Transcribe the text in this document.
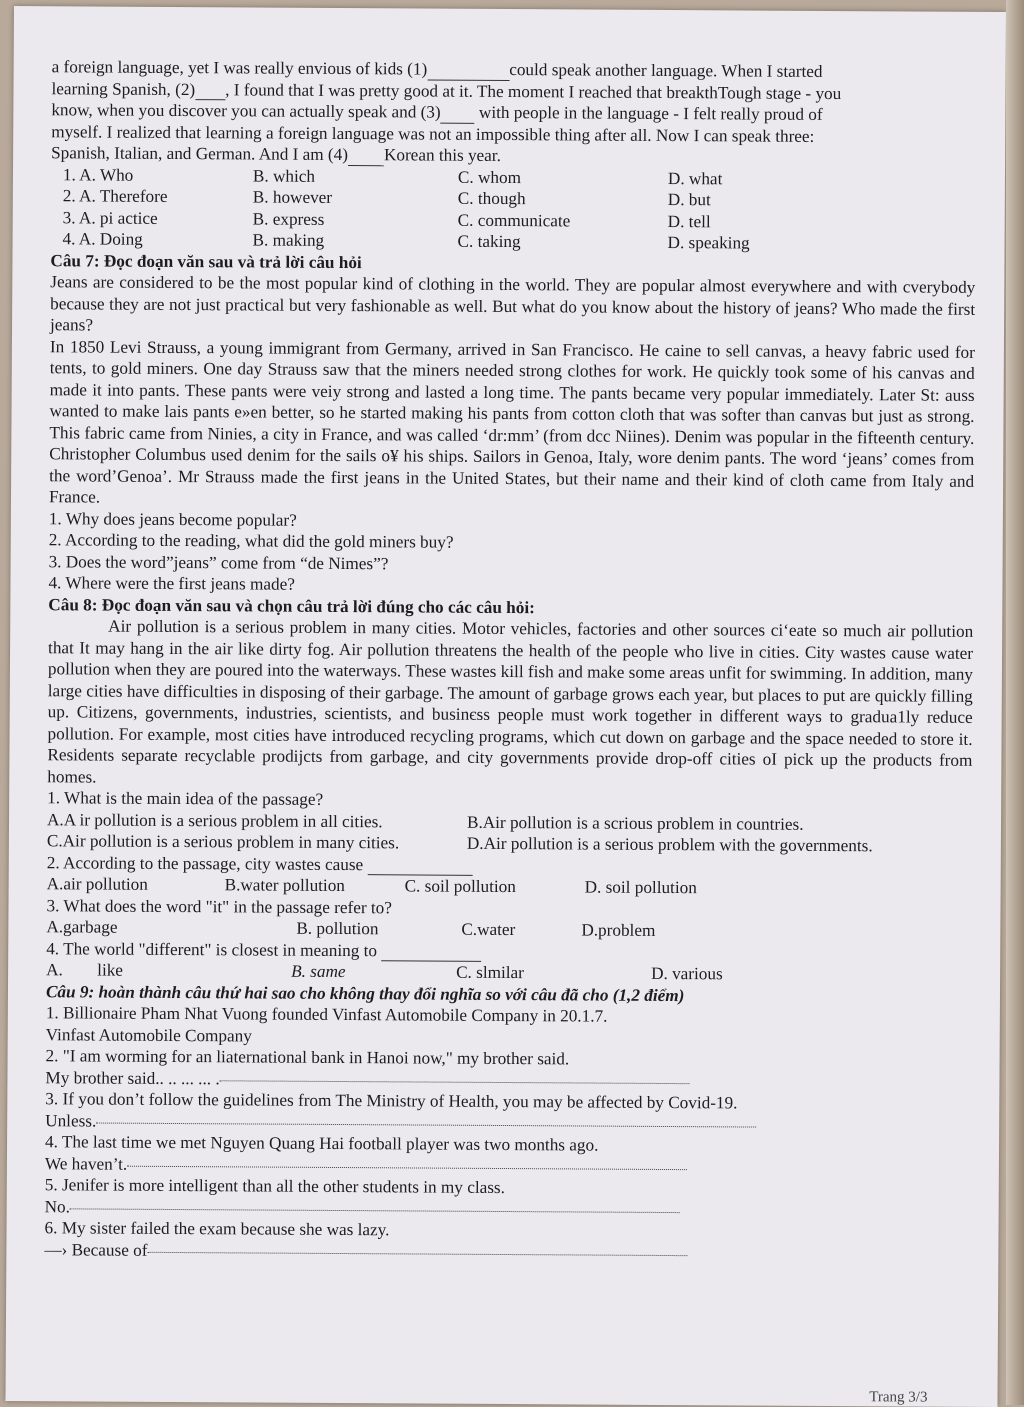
a foreign language, yet I was really envious of kids (1)	could speak another language. When I started

learning Spanish, (2) , I found that I was pretty good at it. The moment I reached that breakthTough stage - you

know, when you discover you can actually speak and (3) with people in the language - I felt really proud of

myself. I realized that learning a foreign language was not an impossible thing after all. Now I can speak three:

Spanish, Italian, and German. And I am (4) Korean this year.

1. A. Who	B. which	C. whom	D. what
2. A. Therefore	B. however	C. though	D. but
3. A. pi actice	B. express	C. communicate	D. tell
4. A. Doing	B. making	C. taking	D. speaking

Câu 7: Đọc đoạn văn sau và trả lời câu hỏi

Jeans are considered to be the most popular kind of clothing in the world. They are popular almost everywhere and with cverybody because they are not just practical but very fashionable as well. But what do you know about the history of jeans? Who made the first jeans?

In 1850 Levi Strauss, a young immigrant from Germany, arrived in San Francisco. He caine to sell canvas, a heavy fabric used for tents, to gold miners. One day Strauss saw that the miners needed strong clothes for work. He quickly took some of his canvas and made it into pants. These pants were veiy strong and lasted a long time. The pants became very popular immediately. Later St: auss wanted to make lais pants e»en better, so he started making his pants from cotton cloth that was softer than canvas but just as strong. This fabric came from Ninies, a city in France, and was called ‘dr:mm’ (from dcc Niines). Denim was popular in the fifteenth century. Christopher Columbus used denim for the sails o¥ his ships. Sailors in Genoa, Italy, wore denim pants. The word ‘jeans’ comes from the word’Genoa’. Mr Strauss made the first jeans in the United States, but their name and their kind of cloth came from Italy and France.

1. Why does jeans become popular?
2. According to the reading, what did the gold miners buy?
3. Does the word”jeans” come from “de Nimes”?
4. Where were the first jeans made?

Câu 8: Đọc đoạn văn sau và chọn câu trả lời đúng cho các câu hỏi:

Air pollution is a serious problem in many cities. Motor vehicles, factories and other sources ci‘eate so much air pollution that It may hang in the air like dirty fog. Air pollution threatens the health of the people who live in cities. City wastes cause water pollution when they are poured into the waterways. These wastes kill fish and make some areas unfit for swimming. In addition, many large cities have difficulties in disposing of their garbage. The amount of garbage grows each year, but places to put are quickly filling up. Citizens, governments, industries, scientists, and businєss people must work together in different ways to gradua1ly reduce pollution. For example, most cities have introduced recycling programs, which cut down on garbage and the space needed to store it. Residents separate recyclable prodijcts from garbage, and city governments provide drop-off cities oI pick up the products from homes.

1. What is the main idea of the passage?
A.A ir pollution is a serious problem in all cities.	B.Air pollution is a scrious problem in countries.
C.Air pollution is a serious problem in many cities.	D.Air pollution is a serious problem with the governments.
2. According to the passage, city wastes cause
A.air pollution	B.water pollution	C. soil pollution	D. soil pollution
3. What does the word "it" in the passage refer to?
A.garbage	B. pollution	C.water	D.problem
4. The world "different" is closest in meaning to
A.        like	B. same	C. slmilar	D. various

Câu 9: hoàn thành câu thứ hai sao cho không thay đổi nghĩa so với câu đã cho (1,2 điểm)

1. Billionaire Pham Nhat Vuong founded Vinfast Automobile Company in 20.1.7.
Vinfast Automobile Company
2. "I am worming for an liaternational bank in Hanoi now," my brother said.
My brother said.. .. ... ... .
3. If you don’t follow the guidelines from The Ministry of Health, you may be affected by Covid-19.
Unless.
4. The last time we met Nguyen Quang Hai football player was two months ago.
We haven’t.
5. Jenifer is more intelligent than all the other students in my class.
No.
6. My sister failed the exam because she was lazy.
—› Because of
Trang 3/3
